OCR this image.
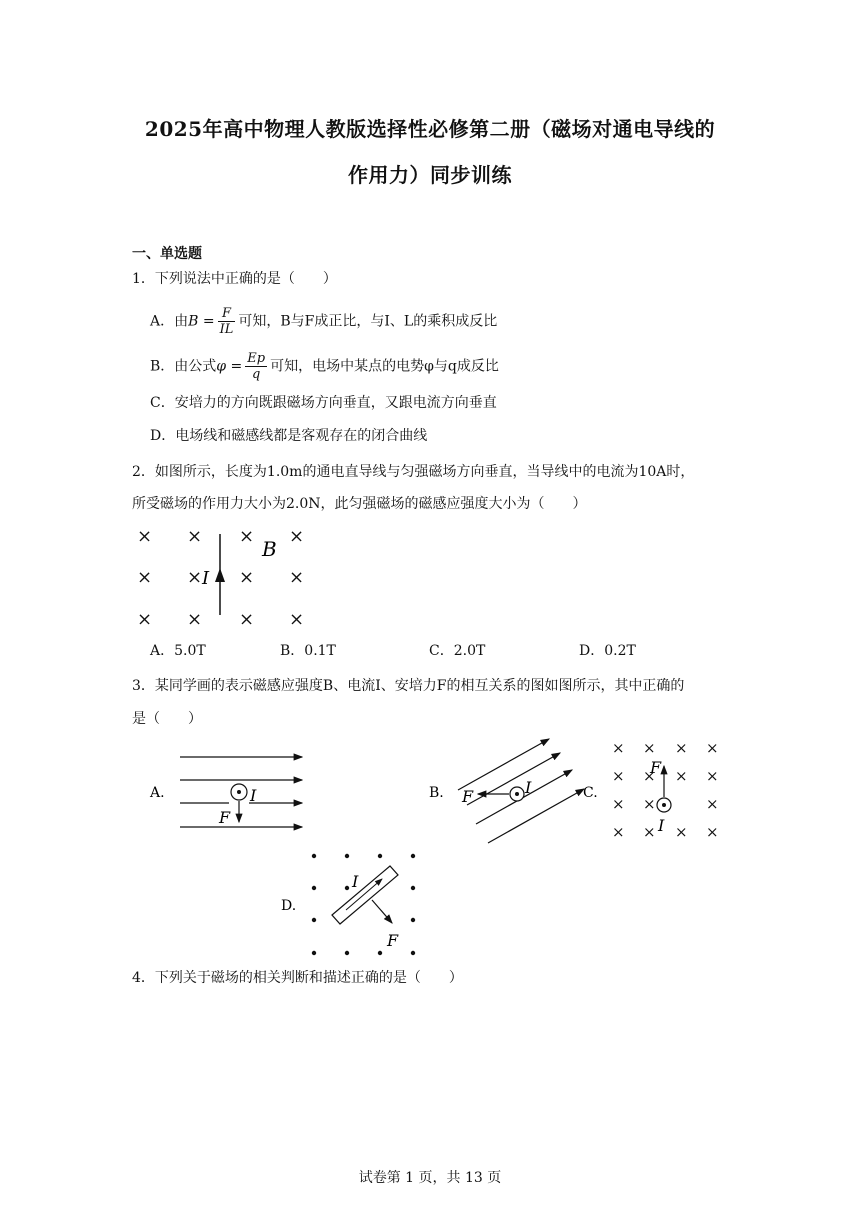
2025年高中物理人教版选择性必修第二册（磁场对通电导线的
作用力）同步训练
一、单选题
1．下列说法中正确的是（　　）
A．由$B = \frac{F}{IL}$ 可知，B与F成正比，与I、L的乘积成反比
B．由公式$\varphi = \frac{Ep}{q}$ 可知，电场中某点的电势φ与q成反比
C．安培力的方向既跟磁场方向垂直，又跟电流方向垂直
D．电场线和磁感线都是客观存在的闭合曲线
2．如图所示，长度为1.0m的通电直导线与匀强磁场方向垂直，当导线中的电流为10A时，
所受磁场的作用力大小为2.0N，此匀强磁场的磁感应强度大小为（　　）
× × × ×
× × × ×
× × × ×
I
B
A．5.0T	B．0.1T	C．2.0T	D．0.2T
3．某同学画的表示磁感应强度B、电流I、安培力F的相互关系的图如图所示，其中正确的
是（　　）
A.	I
F
B. F	I	C.
× × × ×
× × × ×
× ×	×
× × × ×
F
I
D.
I
F
4．下列关于磁场的相关判断和描述正确的是（　　）
试卷第 1 页，共 13 页
